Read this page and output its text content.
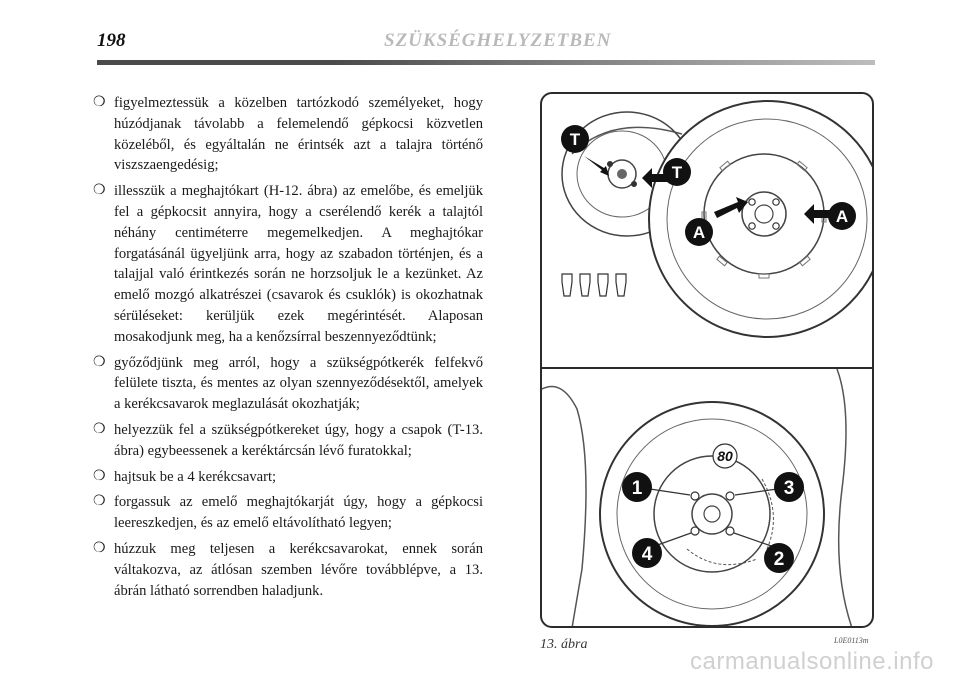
198	SZÜKSÉGHELYZETBEN
❍ figyelmeztessük a közelben tartózkodó személyeket, hogy húzódjanak távolabb a felemelendő gépkocsi közvetlen közeléből, és egyáltalán ne érintsék azt a talajra történő viszszaengedésig;
❍ illesszük a meghajtókart (H-12. ábra) az emelőbe, és emeljük fel a gépkocsit annyira, hogy a cserélendő kerék a talajtól néhány centiméterre megemelkedjen. A meghajtókar forgatásánál ügyeljünk arra, hogy az szabadon történjen, és a talajjal való érintkezés során ne horzsoljuk le a kezünket. Az emelő mozgó alkatrészei (csavarok és csuklók) is okozhatnak sérüléseket: kerüljük ezek megérintését. Alaposan mosakodjunk meg, ha a kenőzsírral beszennyeződtünk;
❍ győződjünk meg arról, hogy a szükségpótkerék felfekvő felülete tiszta, és mentes az olyan szennyeződésektől, amelyek a kerékcsavarok meglazulását okozhatják;
❍ helyezzük fel a szükségpótkereket úgy, hogy a csapok (T-13. ábra) egybeessenek a keréktárcsán lévő furatokkal;
❍ hajtsuk be a 4 kerékcsavart;
❍ forgassuk az emelő meghajtókarját úgy, hogy a gépkocsi leereszkedjen, és az emelő eltávolítható legyen;
❍ húzzuk meg teljesen a kerékcsavarokat, ennek során váltakozva, az átlósan szemben lévőre továbblépve, a 13. ábrán látható sorrendben haladjunk.
T
T
A
A
80
1	3
4	2
13. ábra	L0E0113m
carmanualsonline.info
